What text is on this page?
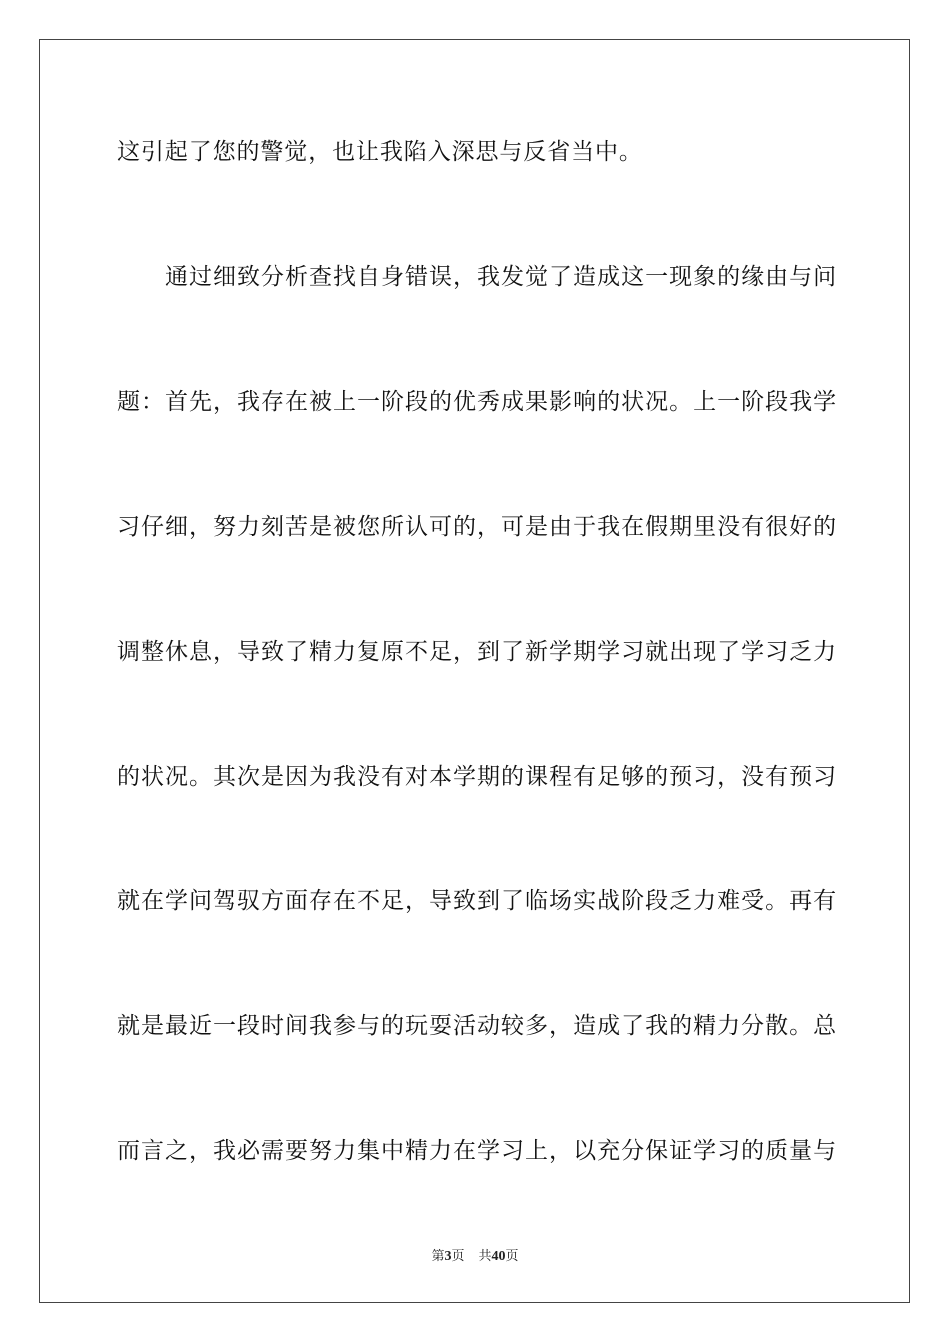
这引起了您的警觉，也让我陷入深思与反省当中。
通过细致分析查找自身错误，我发觉了造成这一现象的缘由与问
题：首先，我存在被上一阶段的优秀成果影响的状况。上一阶段我学
习仔细，努力刻苦是被您所认可的，可是由于我在假期里没有很好的
调整休息，导致了精力复原不足，到了新学期学习就出现了学习乏力
的状况。其次是因为我没有对本学期的课程有足够的预习，没有预习
就在学问驾驭方面存在不足，导致到了临场实战阶段乏力难受。再有
就是最近一段时间我参与的玩耍活动较多，造成了我的精力分散。总
而言之，我必需要努力集中精力在学习上，以充分保证学习的质量与
第3页 共40页
